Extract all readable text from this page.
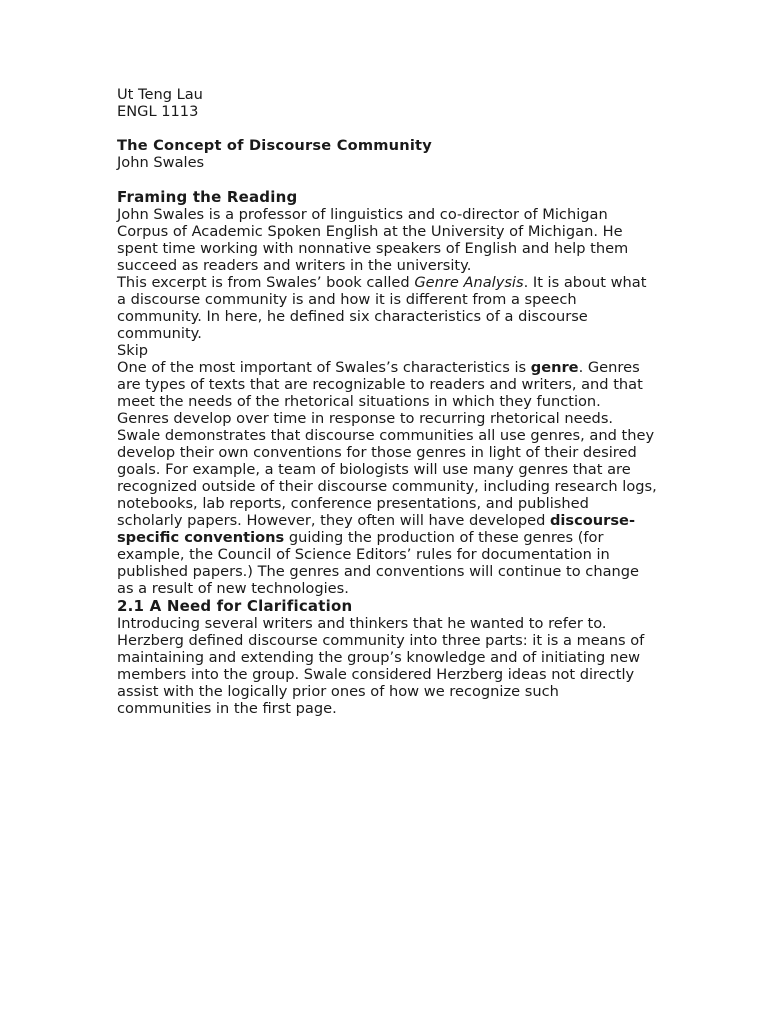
Ut Teng Lau

ENGL 1113

The Concept of Discourse Community

John Swales

Framing the Reading

John Swales is a professor of linguistics and co-director of Michigan Corpus of Academic Spoken English at the University of Michigan. He spent time working with nonnative speakers of English and help them succeed as readers and writers in the university.

This excerpt is from Swales’ book called Genre Analysis. It is about what a discourse community is and how it is different from a speech community. In here, he defined six characteristics of a discourse community.

Skip

One of the most important of Swales’s characteristics is genre. Genres are types of texts that are recognizable to readers and writers, and that meet the needs of the rhetorical situations in which they function.

Genres develop over time in response to recurring rhetorical needs.

Swale demonstrates that discourse communities all use genres, and they develop their own conventions for those genres in light of their desired goals. For example, a team of biologists will use many genres that are recognized outside of their discourse community, including research logs, notebooks, lab reports, conference presentations, and published scholarly papers. However, they often will have developed discourse-specific conventions guiding the production of these genres (for example, the Council of Science Editors’ rules for documentation in published papers.) The genres and conventions will continue to change as a result of new technologies.

2.1 A Need for Clarification

Introducing several writers and thinkers that he wanted to refer to.

Herzberg defined discourse community into three parts: it is a means of maintaining and extending the group’s knowledge and of initiating new members into the group. Swale considered Herzberg ideas not directly assist with the logically prior ones of how we recognize such communities in the first page.
